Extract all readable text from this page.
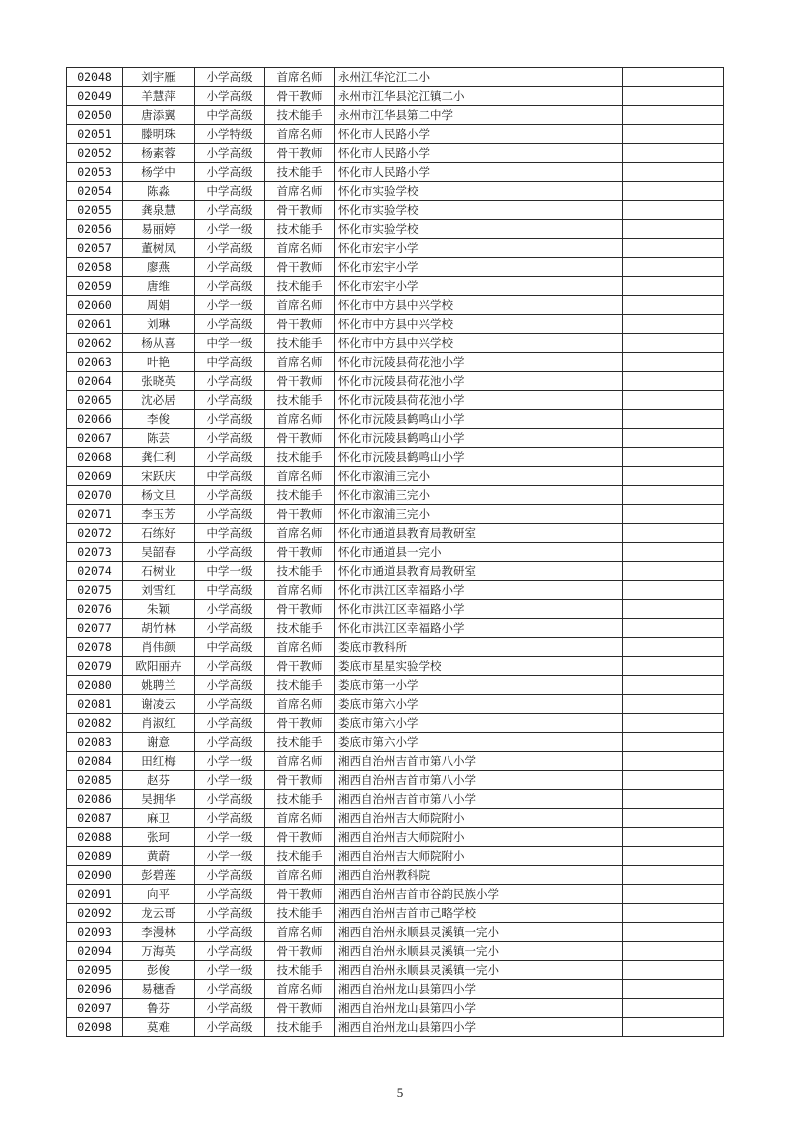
02048	刘宇雁	小学高级	首席名师	永州江华沱江二小	
02049	羊慧萍	小学高级	骨干教师	永州市江华县沱江镇二小	
02050	唐添翼	中学高级	技术能手	永州市江华县第二中学	
02051	滕明珠	小学特级	首席名师	怀化市人民路小学	
02052	杨素蓉	小学高级	骨干教师	怀化市人民路小学	
02053	杨学中	小学高级	技术能手	怀化市人民路小学	
02054	陈淼	中学高级	首席名师	怀化市实验学校	
02055	龚泉慧	小学高级	骨干教师	怀化市实验学校	
02056	易丽婷	小学一级	技术能手	怀化市实验学校	
02057	董树凤	小学高级	首席名师	怀化市宏宇小学	
02058	廖燕	小学高级	骨干教师	怀化市宏宇小学	
02059	唐维	小学高级	技术能手	怀化市宏宇小学	
02060	周娟	小学一级	首席名师	怀化市中方县中兴学校	
02061	刘琳	小学高级	骨干教师	怀化市中方县中兴学校	
02062	杨从喜	中学一级	技术能手	怀化市中方县中兴学校	
02063	叶艳	中学高级	首席名师	怀化市沅陵县荷花池小学	
02064	张晓英	小学高级	骨干教师	怀化市沅陵县荷花池小学	
02065	沈必居	小学高级	技术能手	怀化市沅陵县荷花池小学	
02066	李俊	小学高级	首席名师	怀化市沅陵县鹤鸣山小学	
02067	陈芸	小学高级	骨干教师	怀化市沅陵县鹤鸣山小学	
02068	龚仁利	小学高级	技术能手	怀化市沅陵县鹤鸣山小学	
02069	宋跃庆	中学高级	首席名师	怀化市溆浦三完小	
02070	杨文旦	小学高级	技术能手	怀化市溆浦三完小	
02071	李玉芳	小学高级	骨干教师	怀化市溆浦三完小	
02072	石练好	中学高级	首席名师	怀化市通道县教育局教研室	
02073	吴韶春	小学高级	骨干教师	怀化市通道县一完小	
02074	石树业	中学一级	技术能手	怀化市通道县教育局教研室	
02075	刘雪红	中学高级	首席名师	怀化市洪江区幸福路小学	
02076	朱颖	小学高级	骨干教师	怀化市洪江区幸福路小学	
02077	胡竹林	小学高级	技术能手	怀化市洪江区幸福路小学	
02078	肖伟颜	中学高级	首席名师	娄底市教科所	
02079	欧阳丽卉	小学高级	骨干教师	娄底市星星实验学校	
02080	姚聘兰	小学高级	技术能手	娄底市第一小学	
02081	谢凌云	小学高级	首席名师	娄底市第六小学	
02082	肖淑红	小学高级	骨干教师	娄底市第六小学	
02083	谢意	小学高级	技术能手	娄底市第六小学	
02084	田红梅	小学一级	首席名师	湘西自治州吉首市第八小学	
02085	赵芬	小学一级	骨干教师	湘西自治州吉首市第八小学	
02086	吴拥华	小学高级	技术能手	湘西自治州吉首市第八小学	
02087	麻卫	小学高级	首席名师	湘西自治州吉大师院附小	
02088	张珂	小学一级	骨干教师	湘西自治州吉大师院附小	
02089	黄蔚	小学一级	技术能手	湘西自治州吉大师院附小	
02090	彭碧莲	小学高级	首席名师	湘西自治州教科院	
02091	向平	小学高级	骨干教师	湘西自治州吉首市谷韵民族小学	
02092	龙云哥	小学高级	技术能手	湘西自治州吉首市己略学校	
02093	李漫林	小学高级	首席名师	湘西自治州永顺县灵溪镇一完小	
02094	万海英	小学高级	骨干教师	湘西自治州永顺县灵溪镇一完小	
02095	彭俊	小学一级	技术能手	湘西自治州永顺县灵溪镇一完小	
02096	易穗香	小学高级	首席名师	湘西自治州龙山县第四小学	
02097	鲁芬	小学高级	骨干教师	湘西自治州龙山县第四小学	
02098	莫难	小学高级	技术能手	湘西自治州龙山县第四小学	
5
